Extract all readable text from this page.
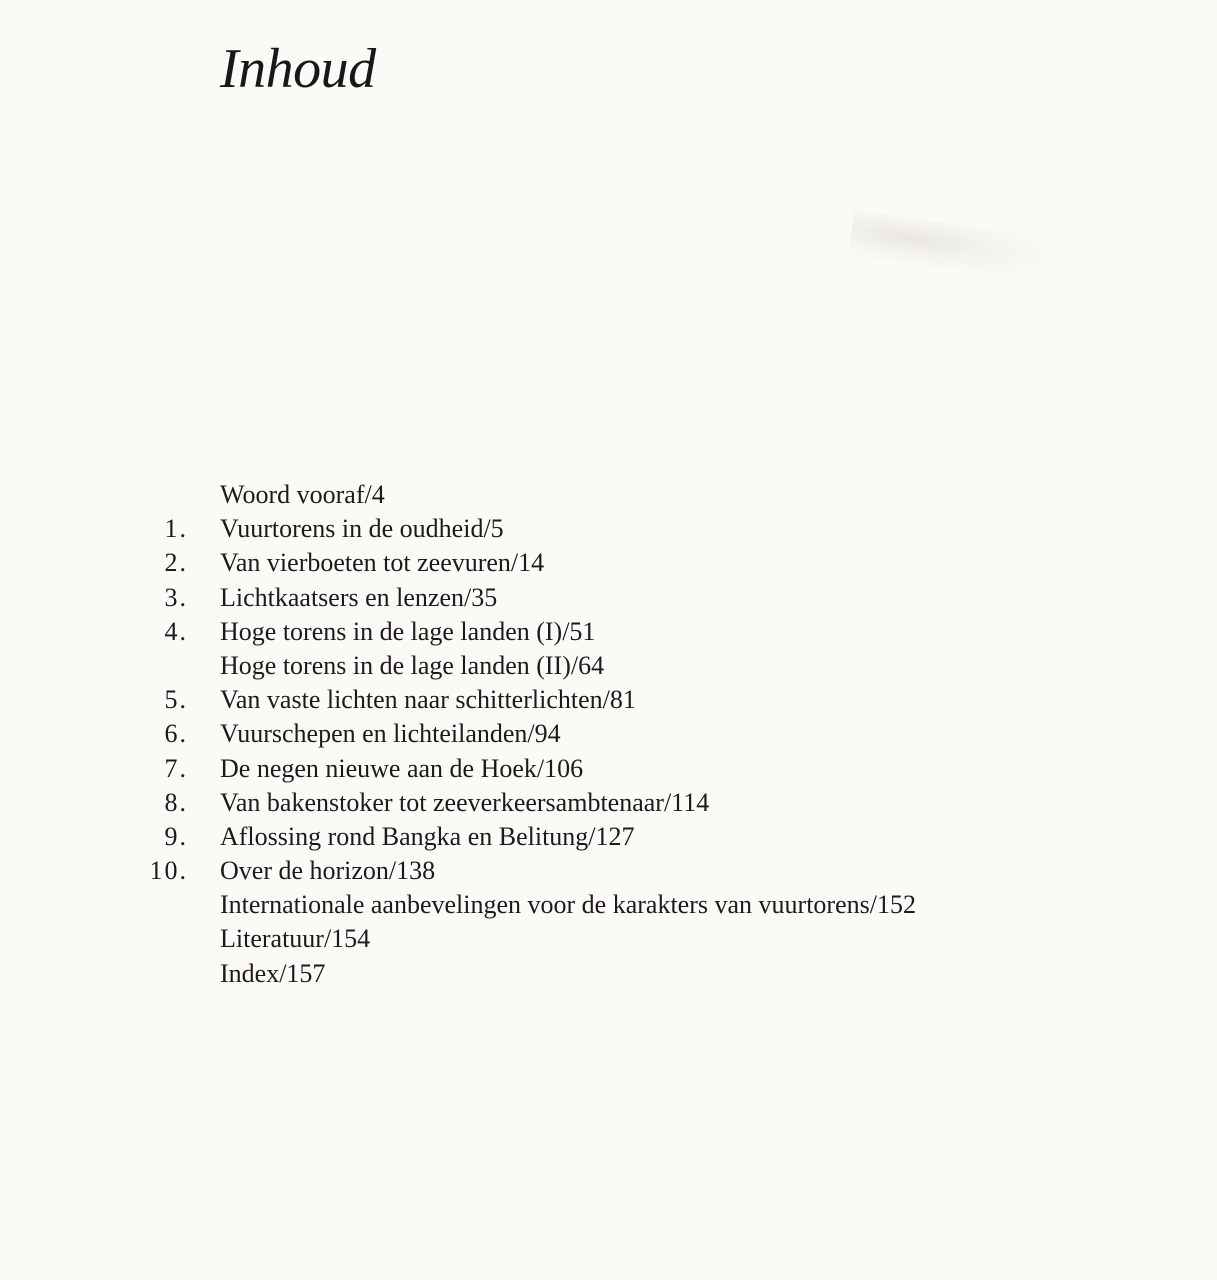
Inhoud
Woord vooraf/4
1. Vuurtorens in de oudheid/5
2. Van vierboeten tot zeevuren/14
3. Lichtkaatsers en lenzen/35
4. Hoge torens in de lage landen (I)/51
Hoge torens in de lage landen (II)/64
5. Van vaste lichten naar schitterlichten/81
6. Vuurschepen en lichteilanden/94
7. De negen nieuwe aan de Hoek/106
8. Van bakenstoker tot zeeverkeersambtenaar/114
9. Aflossing rond Bangka en Belitung/127
10. Over de horizon/138
Internationale aanbevelingen voor de karakters van vuurtorens/152
Literatuur/154
Index/157
